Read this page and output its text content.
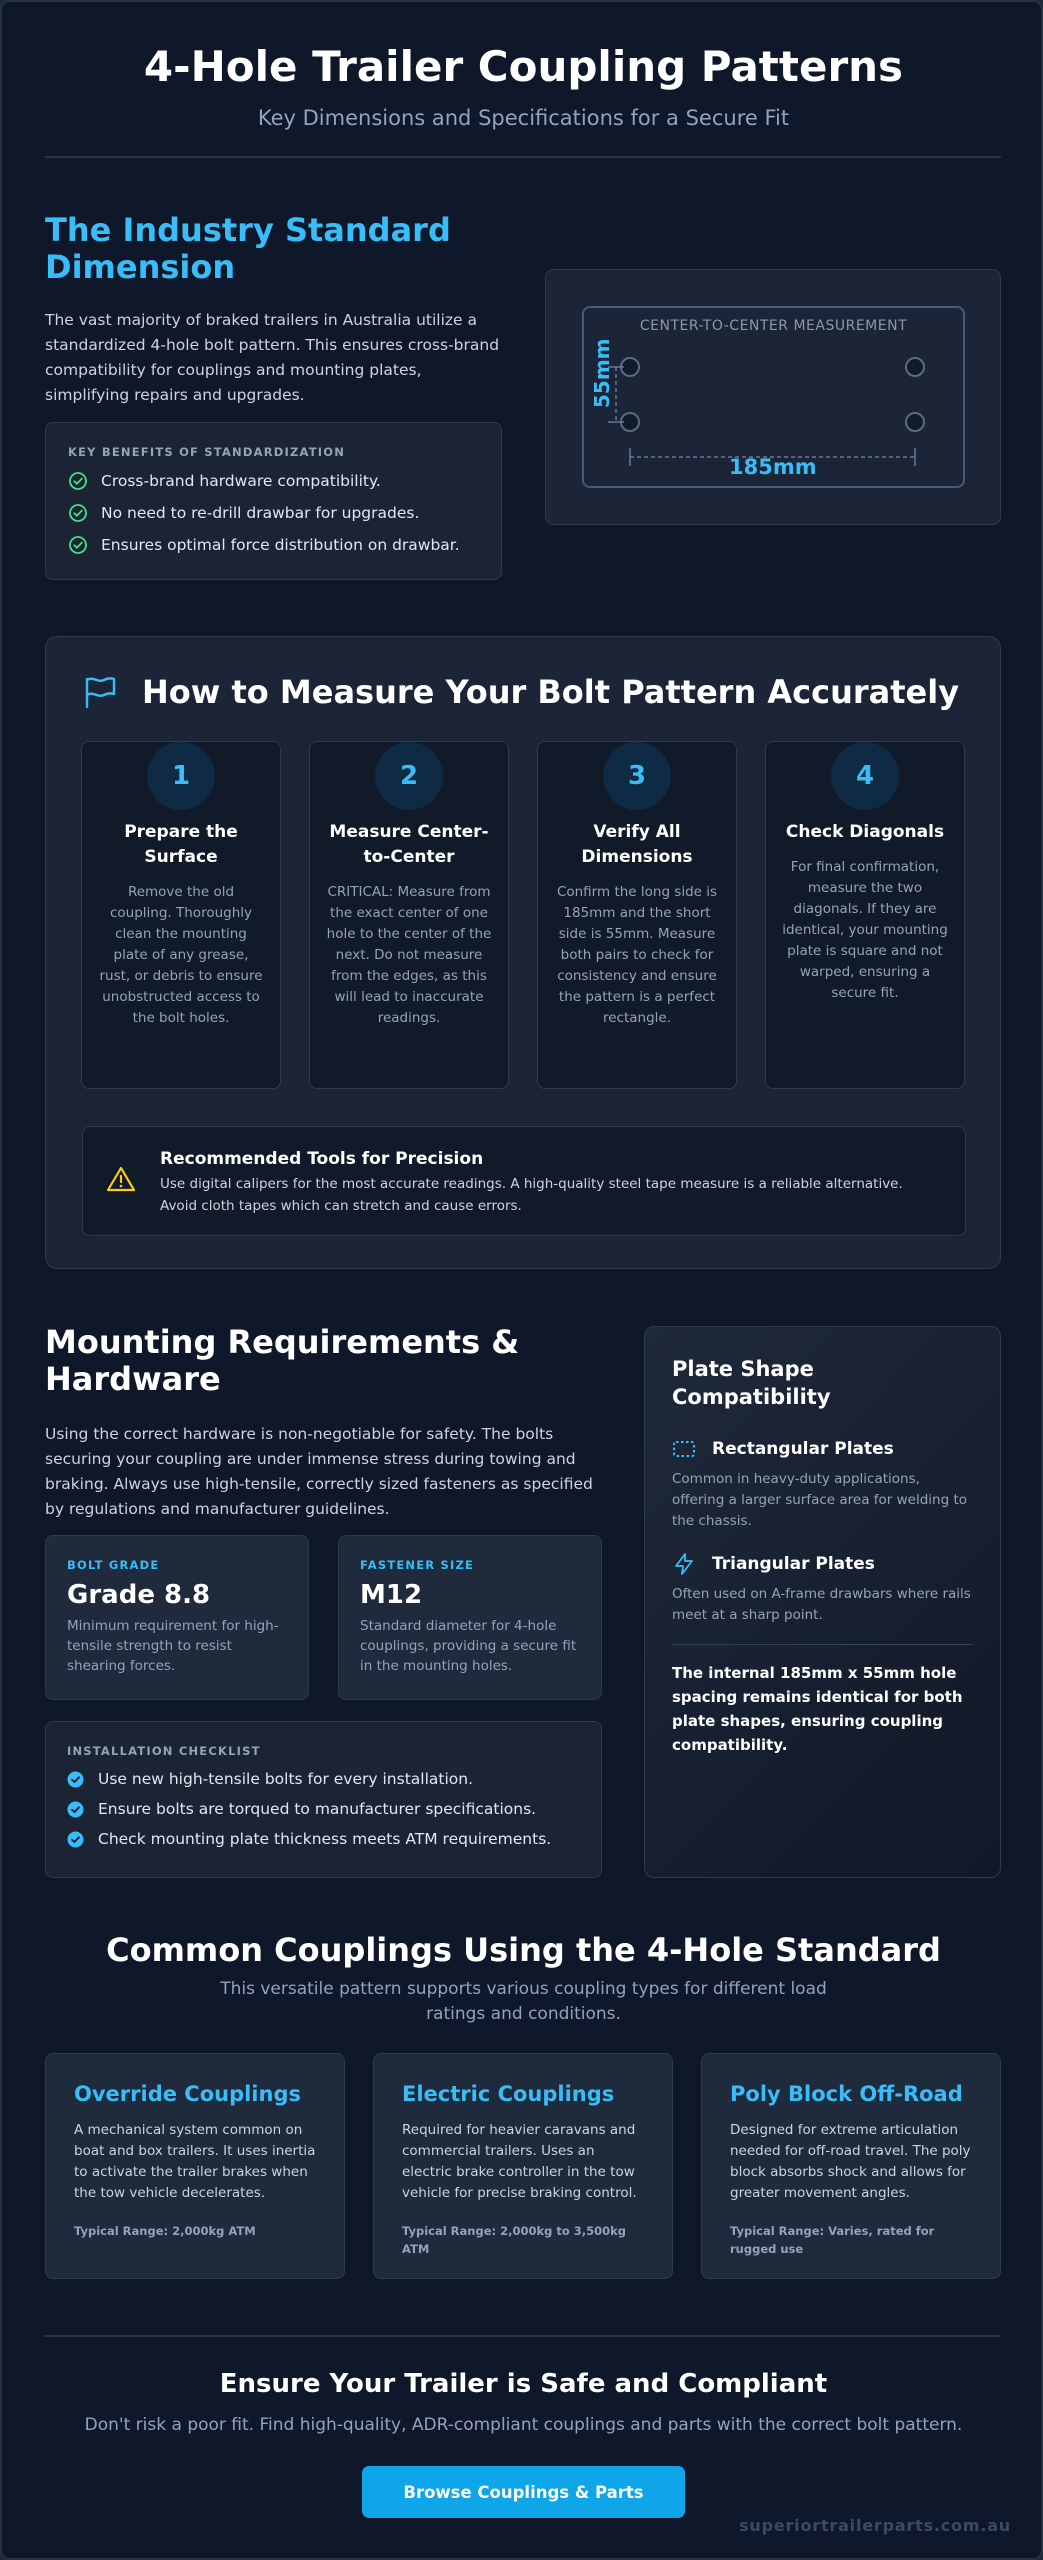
4-Hole Trailer Coupling Patterns
Key Dimensions and Specifications for a Secure Fit
The Industry Standard Dimension

The vast majority of braked trailers in Australia utilize a standardized 4-hole bolt pattern. This ensures cross-brand compatibility for couplings and mounting plates, simplifying repairs and upgrades.

KEY BENEFITS OF STANDARDIZATION
Cross-brand hardware compatibility.
No need to re-drill drawbar for upgrades.
Ensures optimal force distribution on drawbar.
CENTER-TO-CENTER MEASUREMENT
185mm
55mm
How to Measure Your Bolt Pattern Accurately
1
Prepare the Surface

Remove the old coupling. Thoroughly clean the mounting plate of any grease, rust, or debris to ensure unobstructed access to the bolt holes.

2
Measure Center-to-Center

CRITICAL: Measure from the exact center of one hole to the center of the next. Do not measure from the edges, as this will lead to inaccurate readings.

3
Verify All Dimensions

Confirm the long side is 185mm and the short side is 55mm. Measure both pairs to check for consistency and ensure the pattern is a perfect rectangle.

4
Check Diagonals

For final confirmation, measure the two diagonals. If they are identical, your mounting plate is square and not warped, ensuring a secure fit.

Recommended Tools for Precision

Use digital calipers for the most accurate readings. A high-quality steel tape measure is a reliable alternative. Avoid cloth tapes which can stretch and cause errors.

Mounting Requirements & Hardware

Using the correct hardware is non-negotiable for safety. The bolts securing your coupling are under immense stress during towing and braking. Always use high-tensile, correctly sized fasteners as specified by regulations and manufacturer guidelines.

BOLT GRADE
Grade 8.8

Minimum requirement for high-tensile strength to resist shearing forces.

FASTENER SIZE
M12

Standard diameter for 4-hole couplings, providing a secure fit in the mounting holes.

INSTALLATION CHECKLIST
Use new high-tensile bolts for every installation.
Ensure bolts are torqued to manufacturer specifications.
Check mounting plate thickness meets ATM requirements.
Plate Shape Compatibility
Rectangular Plates

Common in heavy-duty applications, offering a larger surface area for welding to the chassis.

Triangular Plates

Often used on A-frame drawbars where rails meet at a sharp point.

The internal 185mm x 55mm hole spacing remains identical for both plate shapes, ensuring coupling compatibility.
Common Couplings Using the 4-Hole Standard

This versatile pattern supports various coupling types for different load ratings and conditions.

Override Couplings

A mechanical system common on boat and box trailers. It uses inertia to activate the trailer brakes when the tow vehicle decelerates.

Typical Range: 2,000kg ATM
Electric Couplings

Required for heavier caravans and commercial trailers. Uses an electric brake controller in the tow vehicle for precise braking control.

Typical Range: 2,000kg to 3,500kg ATM
Poly Block Off-Road

Designed for extreme articulation needed for off-road travel. The poly block absorbs shock and allows for greater movement angles.

Typical Range: Varies, rated for rugged use
Ensure Your Trailer is Safe and Compliant

Don't risk a poor fit. Find high-quality, ADR-compliant couplings and parts with the correct bolt pattern.

Browse Couplings & Parts
superiortrailerparts.com.au
